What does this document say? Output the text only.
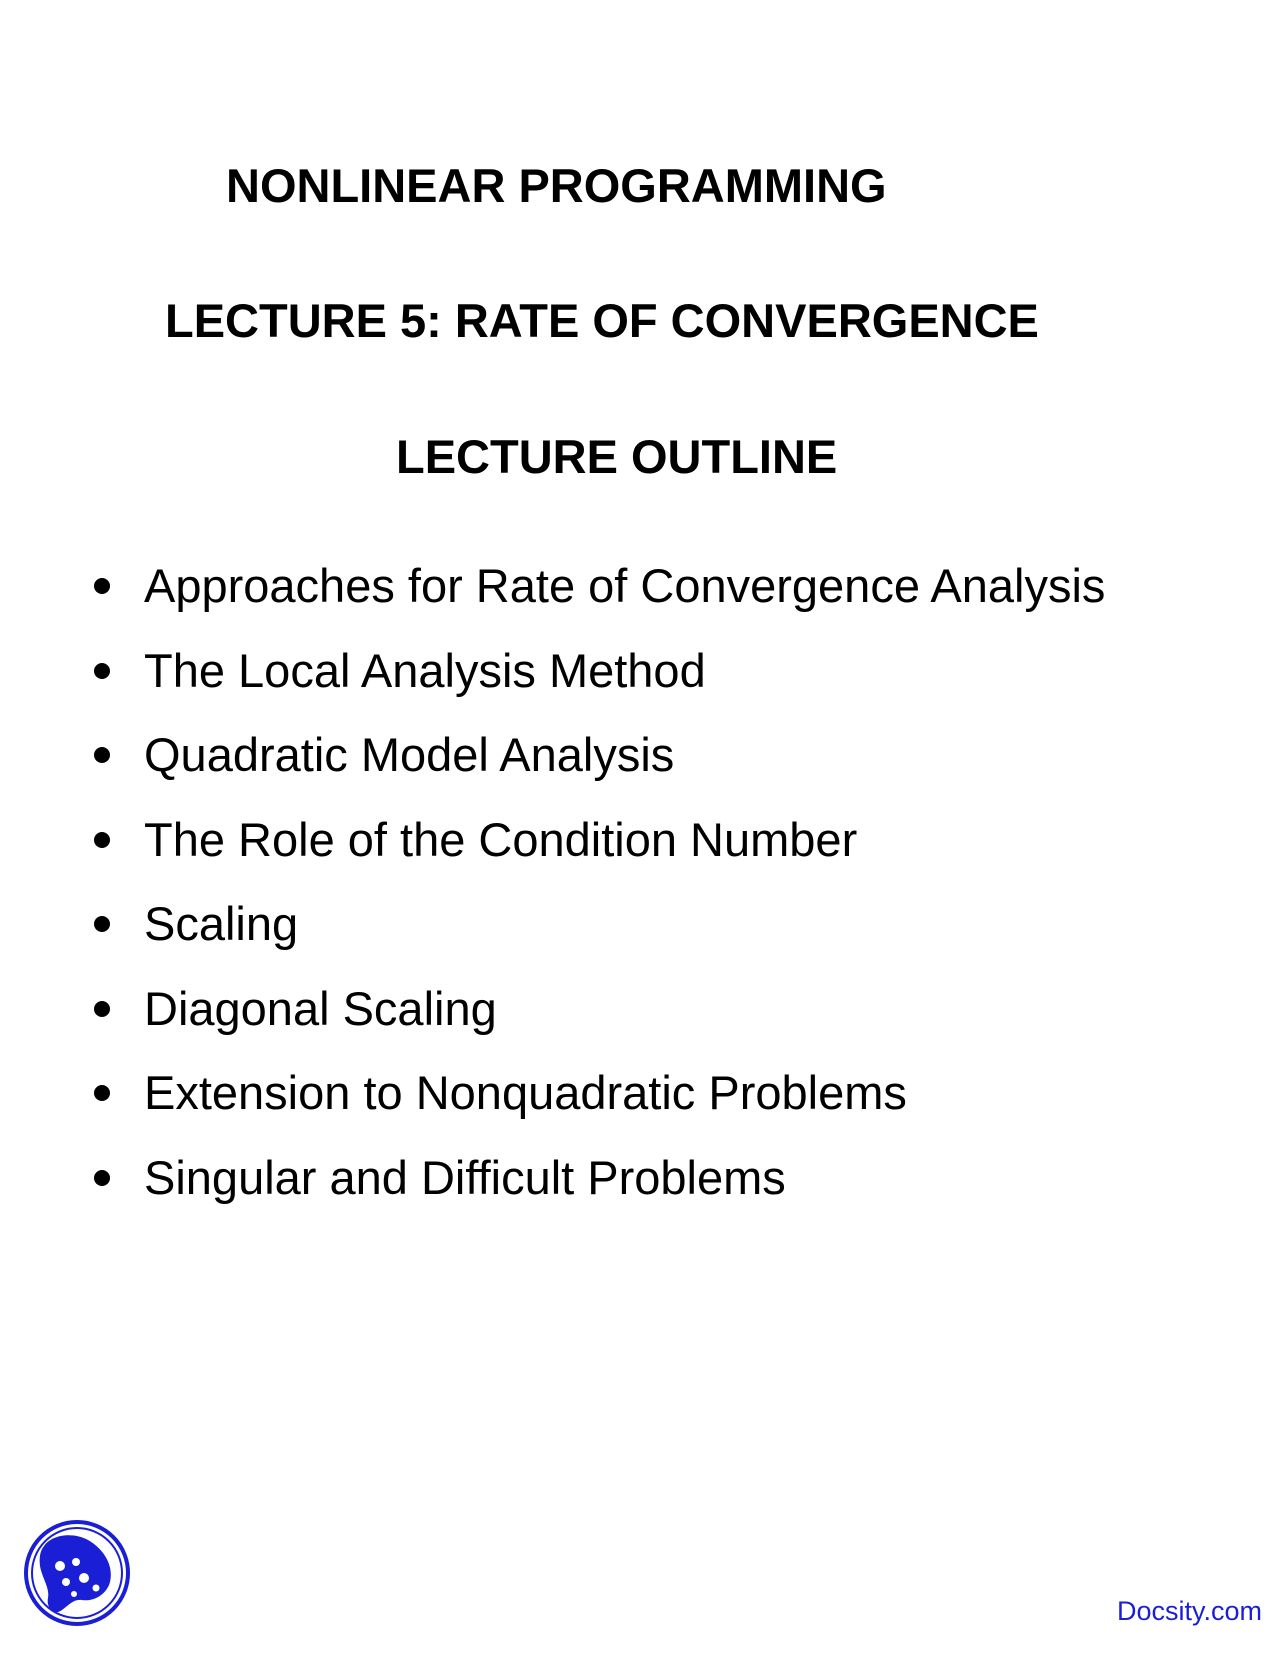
NONLINEAR PROGRAMMING
LECTURE 5: RATE OF CONVERGENCE
LECTURE OUTLINE
Approaches for Rate of Convergence Analysis
The Local Analysis Method
Quadratic Model Analysis
The Role of the Condition Number
Scaling
Diagonal Scaling
Extension to Nonquadratic Problems
Singular and Difficult Problems
Docsity.com
